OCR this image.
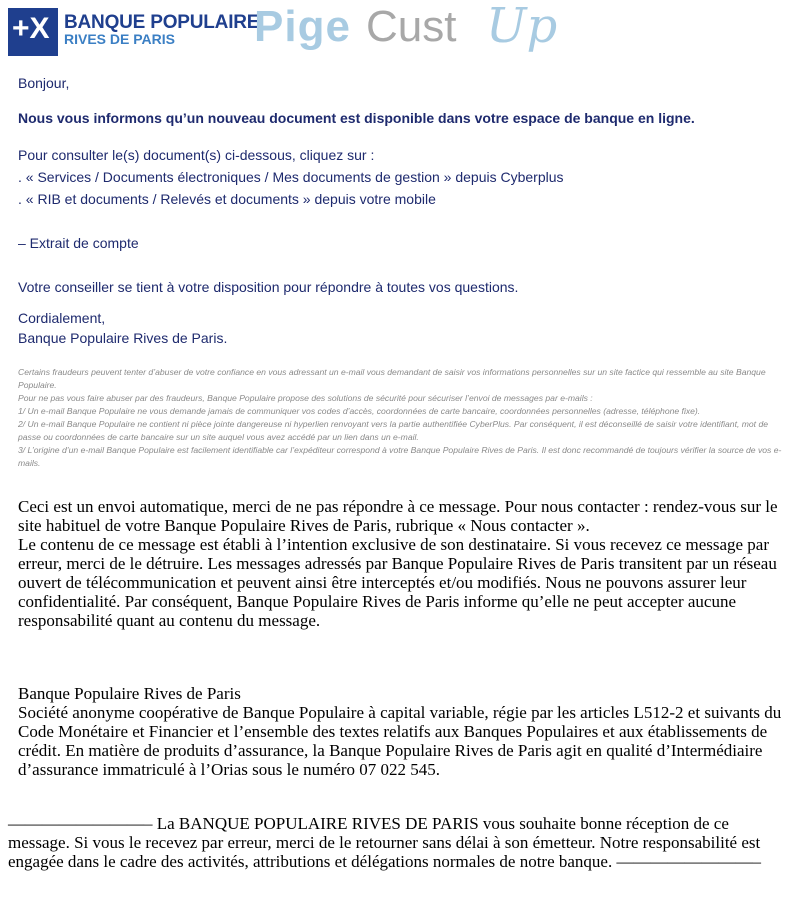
+X BANQUE POPULAIRE
RIVES DE PARIS Pige Cust Up
Bonjour,
Nous vous informons qu’un nouveau document est disponible dans votre espace de banque en ligne.
Pour consulter le(s) document(s) ci-dessous, cliquez sur :
. « Services / Documents électroniques / Mes documents de gestion » depuis Cyberplus
. « RIB et documents / Relevés et documents » depuis votre mobile
– Extrait de compte
Votre conseiller se tient à votre disposition pour répondre à toutes vos questions.
Cordialement,
Banque Populaire Rives de Paris.
Certains fraudeurs peuvent tenter d’abuser de votre confiance en vous adressant un e-mail vous demandant de saisir vos informations personnelles sur un site factice qui ressemble au site Banque Populaire.
Pour ne pas vous faire abuser par des fraudeurs, Banque Populaire propose des solutions de sécurité pour sécuriser l’envoi de messages par e-mails :
1/ Un e-mail Banque Populaire ne vous demande jamais de communiquer vos codes d’accès, coordonnées de carte bancaire, coordonnées personnelles (adresse, téléphone fixe).
2/ Un e-mail Banque Populaire ne contient ni pièce jointe dangereuse ni hyperlien renvoyant vers la partie authentifiée CyberPlus. Par conséquent, il est déconseillé de saisir votre identifiant, mot de passe ou coordonnées de carte bancaire sur un site auquel vous avez accédé par un lien dans un e-mail.
3/ L’origine d’un e-mail Banque Populaire est facilement identifiable car l’expéditeur correspond à votre Banque Populaire Rives de Paris. Il est donc recommandé de toujours vérifier la source de vos e-mails.
Ceci est un envoi automatique, merci de ne pas répondre à ce message. Pour nous contacter : rendez-vous sur le site habituel de votre Banque Populaire Rives de Paris, rubrique « Nous contacter ».
Le contenu de ce message est établi à l’intention exclusive de son destinataire. Si vous recevez ce message par erreur, merci de le détruire. Les messages adressés par Banque Populaire Rives de Paris transitent par un réseau ouvert de télécommunication et peuvent ainsi être interceptés et/ou modifiés. Nous ne pouvons assurer leur confidentialité. Par conséquent, Banque Populaire Rives de Paris informe qu’elle ne peut accepter aucune responsabilité quant au contenu du message.
Banque Populaire Rives de Paris
Société anonyme coopérative de Banque Populaire à capital variable, régie par les articles L512-2 et suivants du Code Monétaire et Financier et l’ensemble des textes relatifs aux Banques Populaires et aux établissements de crédit. En matière de produits d’assurance, la Banque Populaire Rives de Paris agit en qualité d’Intermédiaire d’assurance immatriculé à l’Orias sous le numéro 07 022 545.
————————– La BANQUE POPULAIRE RIVES DE PARIS vous souhaite bonne réception de ce message. Si vous le recevez par erreur, merci de le retourner sans délai à son émetteur. Notre responsabilité est engagée dans le cadre des activités, attributions et délégations normales de notre banque. ————————–
